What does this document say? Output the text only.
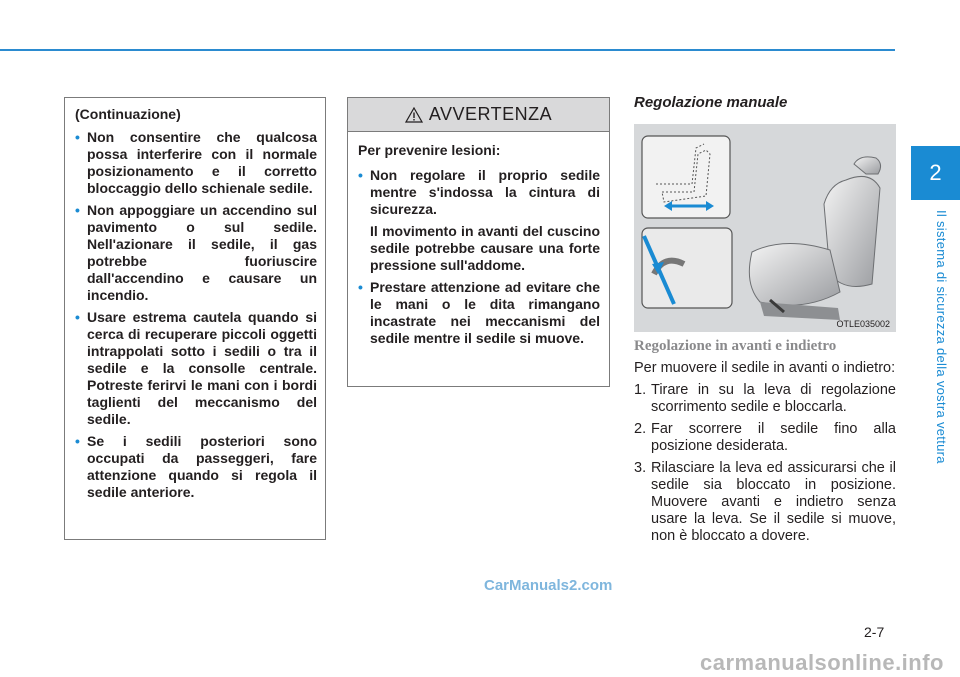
2
Il sistema di sicurezza della vostra vettura
(Continuazione)
• Non consentire che qualcosa possa interferire con il normale posizionamento e il corretto bloccaggio dello schienale sedile.
• Non appoggiare un accendino sul pavimento o sul sedile. Nell'azionare il sedile, il gas potrebbe fuoriuscire dall'accendino e causare un incendio.
• Usare estrema cautela quando si cerca di recuperare piccoli oggetti intrappolati sotto i sedili o tra il sedile e la consolle centrale. Potreste ferirvi le mani con i bordi taglienti del meccanismo del sedile.
• Se i sedili posteriori sono occupati da passeggeri, fare attenzione quando si regola il sedile anteriore.
AVVERTENZA
Per prevenire lesioni:
• Non regolare il proprio sedile mentre s'indossa la cintura di sicurezza.

Il movimento in avanti del cuscino sedile potrebbe causare una forte pressione sull'addome.

• Prestare attenzione ad evitare che le mani o le dita rimangano incastrate nei meccanismi del sedile mentre il sedile si muove.

Regolazione manuale
OTLE035002
Regolazione in avanti e indietro

Per muovere il sedile in avanti o indietro:

1. Tirare in su la leva di regolazione scorrimento sedile e bloccarla.
2. Far scorrere il sedile fino alla posizione desiderata.
3. Rilasciare la leva ed assicurarsi che il sedile sia bloccato in posizione. Muovere avanti e indietro senza usare la leva. Se il sedile si muove, non è bloccato a dovere.
2-7
CarManuals2.com
carmanualsonline.info
